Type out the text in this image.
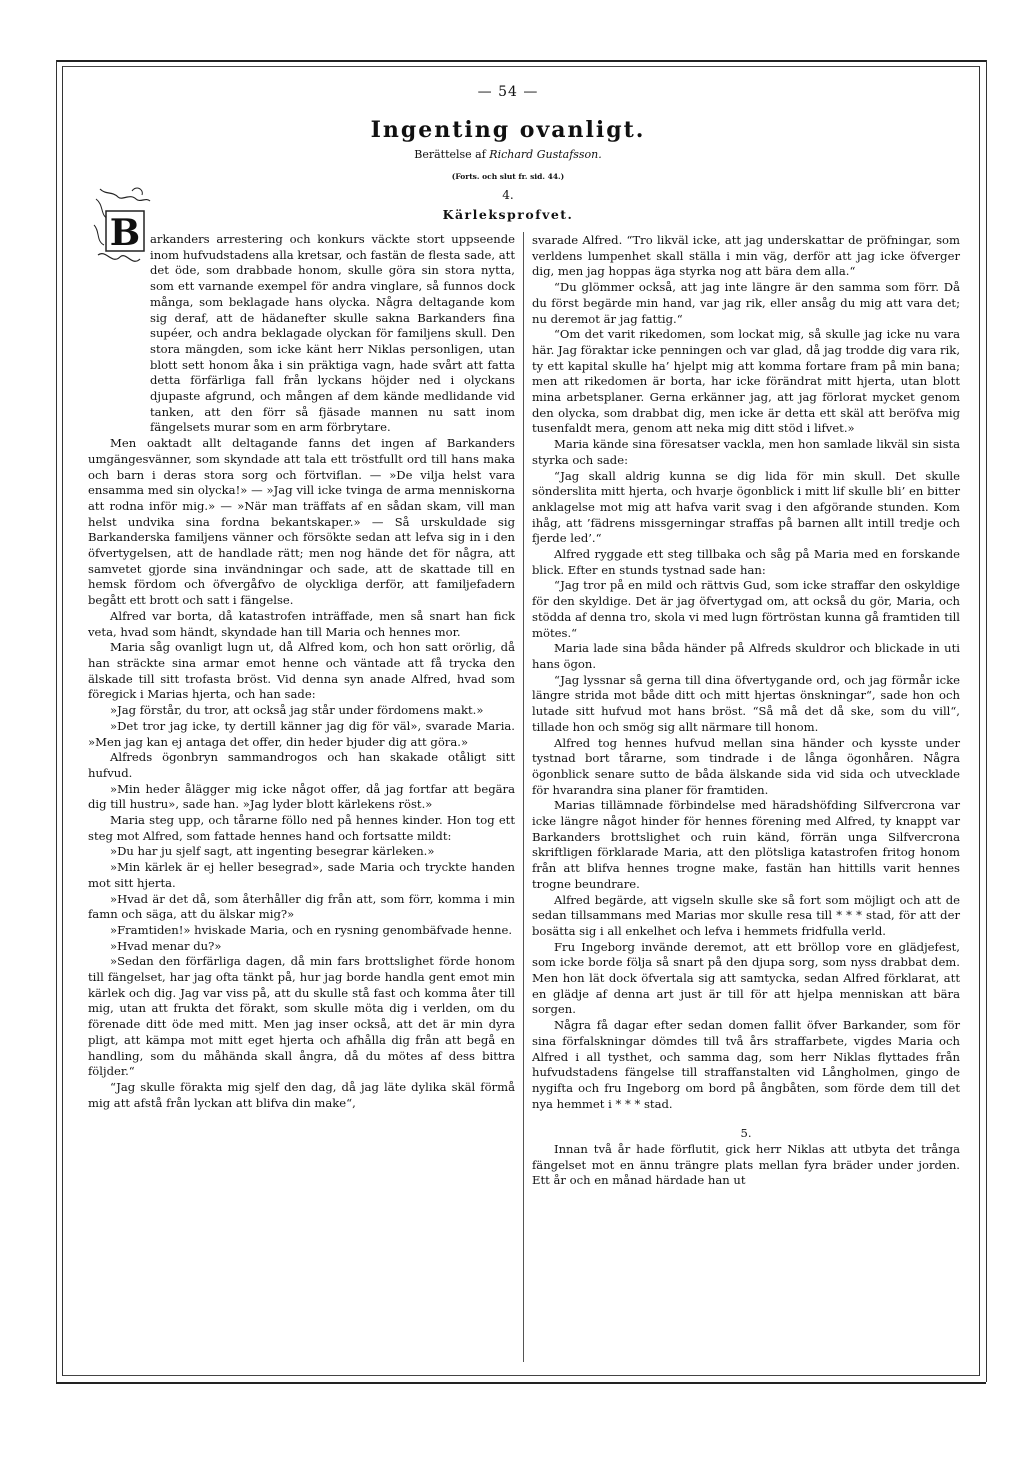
— 54 —
Ingenting ovanligt.
Berättelse af Richard Gustafsson.
(Forts. och slut fr. sid. 44.)
4.
Kärleksprofvet.
B arkanders arrestering och konkurs väckte stort uppseende inom hufvudstadens alla kretsar, och fastän de flesta sade, att det öde, som drabbade honom, skulle göra sin stora nytta, som ett varnande exempel för andra vinglare, så funnos dock många, som beklagade hans olycka. Några deltagande kom sig deraf, att de hädanefter skulle sakna Barkanders fina supéer, och andra beklagade olyckan för familjens skull. Den stora mängden, som icke känt herr Niklas personligen, utan blott sett honom åka i sin präktiga vagn, hade svårt att fatta detta förfärliga fall från lyckans höjder ned i olyckans djupaste afgrund, och mången af dem kände medlidande vid tanken, att den förr så fjäsade mannen nu satt inom fängelsets murar som en arm förbrytare.

Men oaktadt allt deltagande fanns det ingen af Barkanders umgängesvänner, som skyndade att tala ett tröstfullt ord till hans maka och barn i deras stora sorg och förtviflan. — »De vilja helst vara ensamma med sin olycka!» — »Jag vill icke tvinga de arma menniskorna att rodna inför mig.» — »När man träffats af en sådan skam, vill man helst undvika sina fordna bekantskaper.» — Så urskuldade sig Barkanderska familjens vänner och försökte sedan att lefva sig in i den öfvertygelsen, att de handlade rätt; men nog hände det för några, att samvetet gjorde sina invändningar och sade, att de skattade till en hemsk fördom och öfvergåfvo de olyckliga derför, att familjefadern begått ett brott och satt i fängelse.

Alfred var borta, då katastrofen inträffade, men så snart han fick veta, hvad som händt, skyndade han till Maria och hennes mor.

Maria såg ovanligt lugn ut, då Alfred kom, och hon satt orörlig, då han sträckte sina armar emot henne och väntade att få trycka den älskade till sitt trofasta bröst. Vid denna syn anade Alfred, hvad som föregick i Marias hjerta, och han sade:

»Jag förstår, du tror, att också jag står under fördomens makt.»

»Det tror jag icke, ty dertill känner jag dig för väl», svarade Maria. »Men jag kan ej antaga det offer, din heder bjuder dig att göra.»

Alfreds ögonbryn sammandrogos och han skakade otåligt sitt hufvud.

»Min heder ålägger mig icke något offer, då jag fortfar att begära dig till hustru», sade han. »Jag lyder blott kärlekens röst.»

Maria steg upp, och tårarne föllo ned på hennes kinder. Hon tog ett steg mot Alfred, som fattade hennes hand och fortsatte mildt:

»Du har ju sjelf sagt, att ingenting besegrar kärleken.»

»Min kärlek är ej heller besegrad», sade Maria och tryckte handen mot sitt hjerta.

»Hvad är det då, som återhåller dig från att, som förr, komma i min famn och säga, att du älskar mig?»

»Framtiden!» hviskade Maria, och en rysning genombäfvade henne.

»Hvad menar du?»

»Sedan den förfärliga dagen, då min fars brottslighet förde honom till fängelset, har jag ofta tänkt på, hur jag borde handla gent emot min kärlek och dig. Jag var viss på, att du skulle stå fast och komma åter till mig, utan att frukta det förakt, som skulle möta dig i verlden, om du förenade ditt öde med mitt. Men jag inser också, att det är min dyra pligt, att kämpa mot mitt eget hjerta och afhålla dig från att begå en handling, som du måhända skall ångra, då du mötes af dess bittra följder.“

“Jag skulle förakta mig sjelf den dag, då jag läte dylika skäl förmå mig att afstå från lyckan att blifva din make“,

svarade Alfred. “Tro likväl icke, att jag underskattar de pröfningar, som verldens lumpenhet skall ställa i min väg, derför att jag icke öfverger dig, men jag hoppas äga styrka nog att bära dem alla.“

“Du glömmer också, att jag inte längre är den samma som förr. Då du först begärde min hand, var jag rik, eller ansåg du mig att vara det; nu deremot är jag fattig.“

“Om det varit rikedomen, som lockat mig, så skulle jag icke nu vara här. Jag föraktar icke penningen och var glad, då jag trodde dig vara rik, ty ett kapital skulle ha’ hjelpt mig att komma fortare fram på min bana; men att rikedomen är borta, har icke förändrat mitt hjerta, utan blott mina arbetsplaner. Gerna erkänner jag, att jag förlorat mycket genom den olycka, som drabbat dig, men icke är detta ett skäl att beröfva mig tusenfaldt mera, genom att neka mig ditt stöd i lifvet.»

Maria kände sina föresatser vackla, men hon samlade likväl sin sista styrka och sade:

“Jag skall aldrig kunna se dig lida för min skull. Det skulle sönderslita mitt hjerta, och hvarje ögonblick i mitt lif skulle bli’ en bitter anklagelse mot mig att hafva varit svag i den afgörande stunden. Kom ihåg, att ’fädrens missgerningar straffas på barnen allt intill tredje och fjerde led’.“

Alfred ryggade ett steg tillbaka och såg på Maria med en forskande blick. Efter en stunds tystnad sade han:

“Jag tror på en mild och rättvis Gud, som icke straffar den oskyldige för den skyldige. Det är jag öfvertygad om, att också du gör, Maria, och stödda af denna tro, skola vi med lugn förtröstan kunna gå framtiden till mötes.“

Maria lade sina båda händer på Alfreds skuldror och blickade in uti hans ögon.

“Jag lyssnar så gerna till dina öfvertygande ord, och jag förmår icke längre strida mot både ditt och mitt hjertas önskningar“, sade hon och lutade sitt hufvud mot hans bröst. “Så må det då ske, som du vill“, tillade hon och smög sig allt närmare till honom.

Alfred tog hennes hufvud mellan sina händer och kysste under tystnad bort tårarne, som tindrade i de långa ögonhåren. Några ögonblick senare sutto de båda älskande sida vid sida och utvecklade för hvarandra sina planer för framtiden.

Marias tillämnade förbindelse med häradshöfding Silfvercrona var icke längre något hinder för hennes förening med Alfred, ty knappt var Barkanders brottslighet och ruin känd, förrän unga Silfvercrona skriftligen förklarade Maria, att den plötsliga katastrofen fritog honom från att blifva hennes trogne make, fastän han hittills varit hennes trogne beundrare.

Alfred begärde, att vigseln skulle ske så fort som möjligt och att de sedan tillsammans med Marias mor skulle resa till * * * stad, för att der bosätta sig i all enkelhet och lefva i hemmets fridfulla verld.

Fru Ingeborg invände deremot, att ett bröllop vore en glädjefest, som icke borde följa så snart på den djupa sorg, som nyss drabbat dem. Men hon lät dock öfvertala sig att samtycka, sedan Alfred förklarat, att en glädje af denna art just är till för att hjelpa menniskan att bära sorgen.

Några få dagar efter sedan domen fallit öfver Barkander, som för sina förfalskningar dömdes till två års straffarbete, vigdes Maria och Alfred i all tysthet, och samma dag, som herr Niklas flyttades från hufvudstadens fängelse till straffanstalten vid Långholmen, gingo de nygifta och fru Ingeborg om bord på ångbåten, som förde dem till det nya hemmet i * * * stad.

5.

Innan två år hade förflutit, gick herr Niklas att utbyta det trånga fängelset mot en ännu trängre plats mellan fyra bräder under jorden. Ett år och en månad härdade han ut
